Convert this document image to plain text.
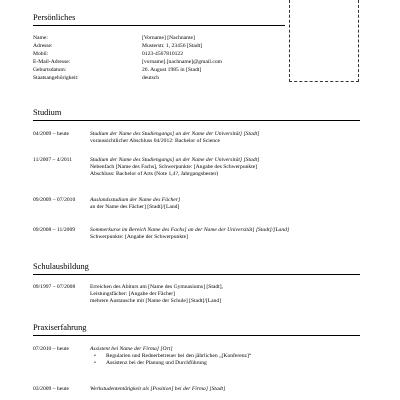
Persönliches
Name:	[Vorname] [Nachname]
Adresse:	Musterstr. 1, 23456 [Stadt]
Mobil:	0123-4567810122
E-Mail-Adresse:	[vorname].[nachname]@gmail.com
Geburtsdatum:	26. August 1985 in [Stadt]
Staatsangehörigkeit:	deutsch
Studium
04/2009 – heute	Studium der Name des Studiengangs] an der Name der Universität] [Stadt]
voraussichtlicher Abschluss 04/2012: Bachelor of Science
11/2007 – 4/2011	Studium der Name des Studiengangs] an der Name der Universität] [Stadt]
Nebenfach [Name des Fachs], Schwerpunkte: [Angabe des Schwerpunkte]
Abschluss: Bachelor of Arts (Note 1,4?, Jahrgangsbester)
09/2009 – 07/2010	Auslandsstudium der Name des Fächer]
an der Name des Fächer] [Stadt]/[Land]
09/2008 – 11/2009	Sommerkurse im Bereich Name des Fachs] an der Name der Universität] [Stadt]/[Land]
Schwerpunkte: [Angabe der Schwerpunkte]
Schulausbildung
09/1997 – 07/2008	Erreichen des Abiturs am [Name des Gymnasiums] [Stadt],
Leistungsfächer: [Angabe der Fächer]
mehrere Austausche mit [Name der Schule] [Stadt]/[Land]
Praxiserfahrung
07/2010 – heute	Assistent bei Name der Firma] [Ort]
• Regularien und Rednerbetreuer bei den jährlichen „[Konferenz]“
• Assistenz bei der Planung und Durchführung
03/2009 – heute	Werkstudententätigkeit als [Position] bei der Firma] [Stadt]
